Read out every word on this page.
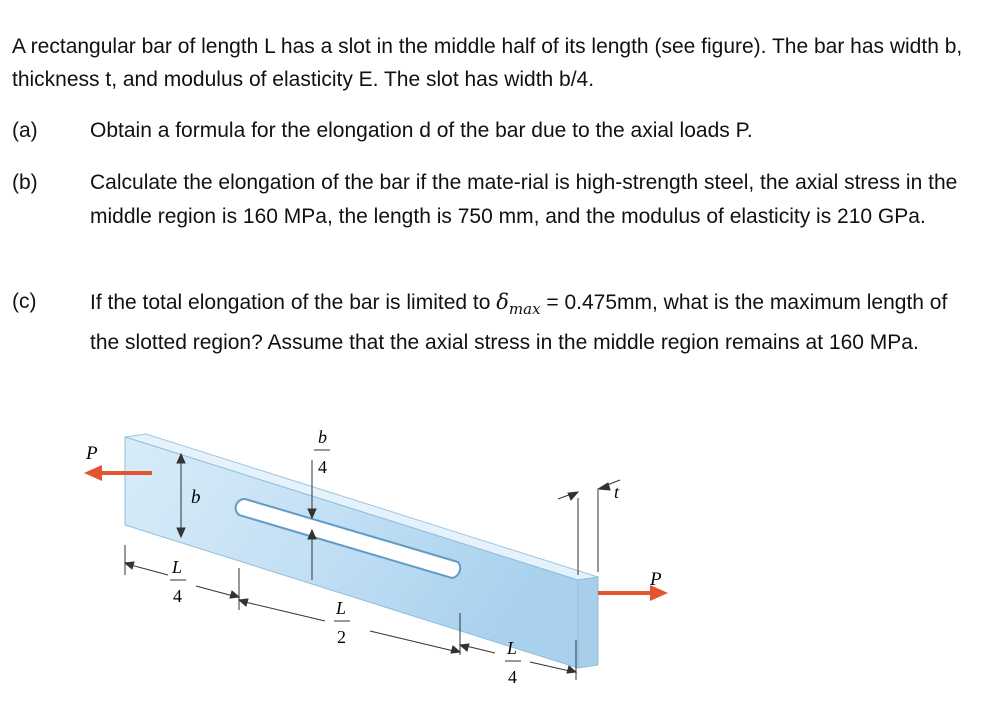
A rectangular bar of length L has a slot in the middle half of its length (see figure). The bar has width b, thickness t, and modulus of elasticity E. The slot has width b/4.

(a) Obtain a formula for the elongation d of the bar due to the axial loads P.
(b) Calculate the elongation of the bar if the mate-rial is high-strength steel, the axial stress in the middle region is 160 MPa, the length is 750 mm, and the modulus of elasticity is 210 GPa.
(c)	If the total elongation of the bar is limited to $\delta_{max} = 0.475mm$, what is the maximum length of the slotted region? Assume that the axial stress in the middle region remains at 160 MPa.
P
P
b
b
4
t
L
4
L
2
L
4
